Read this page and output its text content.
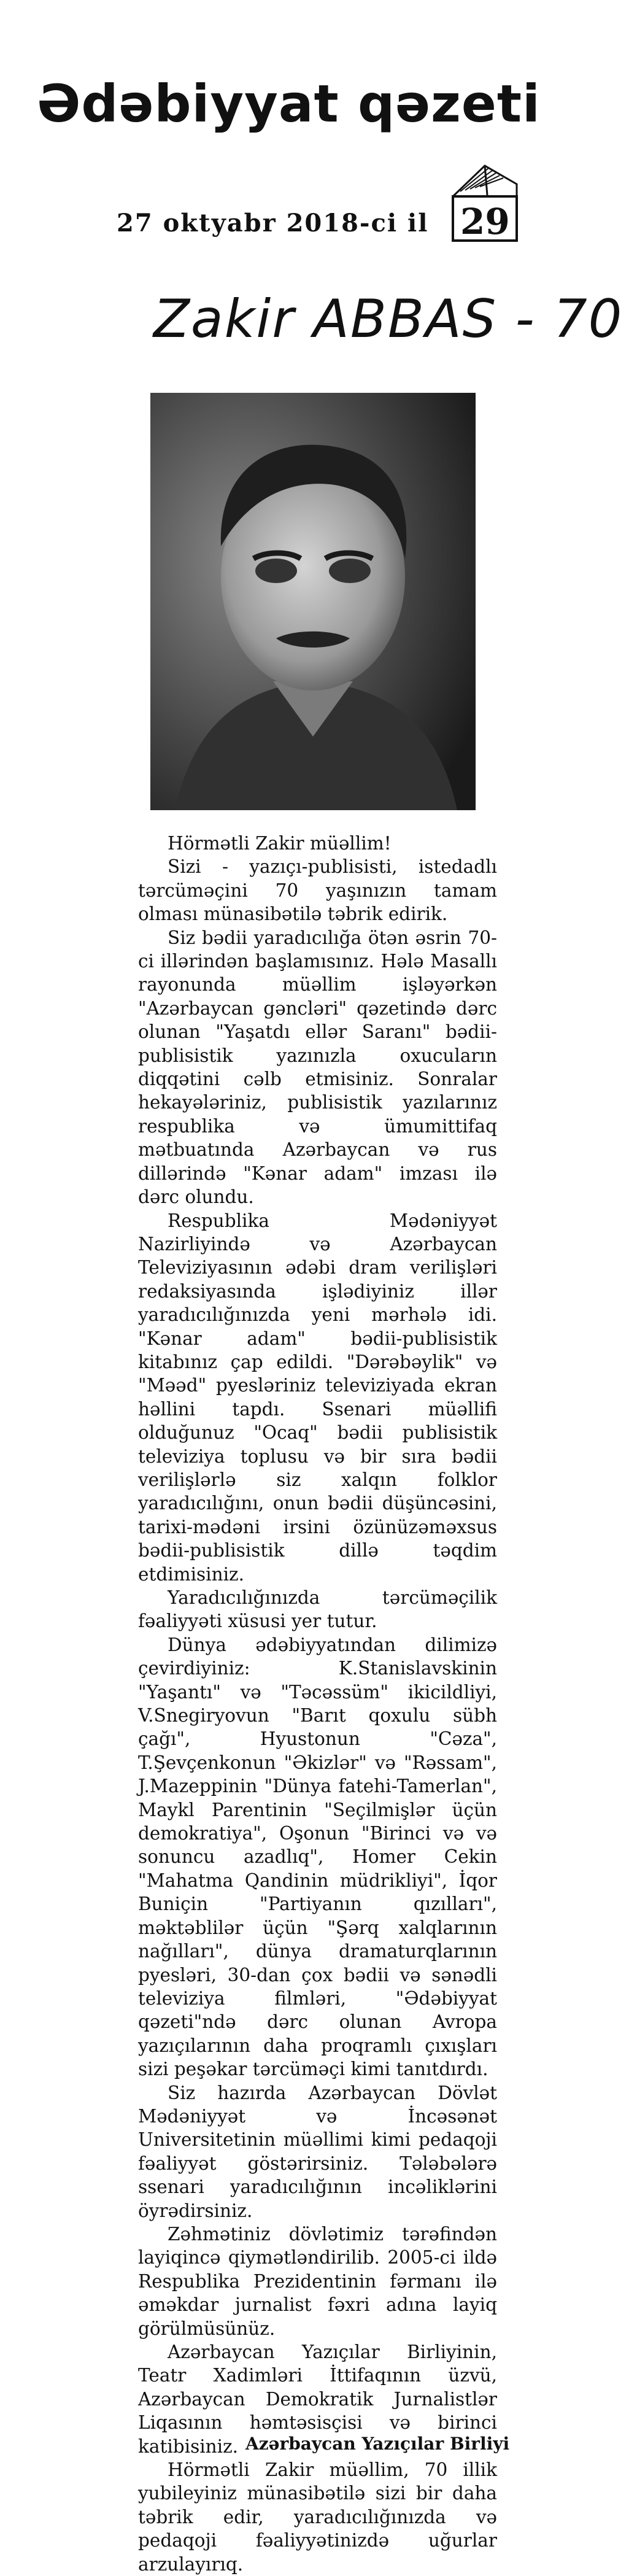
Ədəbiyyat qəzeti
27 oktyabr 2018-ci il 29
Zakir ABBAS - 70

Hörmətli Zakir müəllim!

Sizi - yazıçı-publisisti, istedadlı tərcüməçini 70 yaşınızın tamam olması münasibətilə təbrik edirik.

Siz bədii yaradıcılığa ötən əsrin 70-ci illərindən başlamısınız. Hələ Masallı rayonunda müəllim işləyərkən "Azərbaycan gəncləri" qəzetində dərc olunan "Yaşatdı ellər Saranı" bədii-publisistik yazınızla oxucuların diqqətini cəlb etmisiniz. Sonralar hekayələriniz, publisistik yazılarınız respublika və ümumittifaq mətbuatında Azərbaycan və rus dillərində "Kənar adam" imzası ilə dərc olundu.

Respublika Mədəniyyət Nazirliyində və Azərbaycan Televiziyasının ədəbi dram verilişləri redaksiyasında işlədiyiniz illər yaradıcılığınızda yeni mərhələ idi. "Kənar adam" bədii-publisistik kitabınız çap edildi. "Dərəbəylik" və "Məəd" pyesləriniz televiziyada ekran həllini tapdı. Ssenari müəllifi olduğunuz "Ocaq" bədii publisistik televiziya toplusu və bir sıra bədii verilişlərlə siz xalqın folklor yaradıcılığını, onun bədii düşüncəsini, tarixi-mədəni irsini özünüzəməxsus bədii-publisistik dillə təqdim etdimisiniz.

Yaradıcılığınızda tərcüməçilik fəaliyyəti xüsusi yer tutur.

Dünya ədəbiyyatından dilimizə çevirdiyiniz: K.Stanislavskinin "Yaşantı" və "Təcəssüm" ikicildliyi, V.Snegiryovun "Barıt qoxulu sübh çağı", Hyustonun "Cəza", T.Şevçenkonun "Əkizlər" və "Rəssam", J.Mazeppinin "Dünya fatehi-Tamerlan", Maykl Parentinin "Seçilmişlər üçün demokratiya", Oşonun "Birinci və və sonuncu azadlıq", Homer Cekin "Mahatma Qandinin müdrikliyi", İqor Buniçin "Partiyanın qızılları", məktəblilər üçün "Şərq xalqlarının nağılları", dünya dramaturqlarının pyesləri, 30-dan çox bədii və sənədli televiziya filmləri, "Ədəbiyyat qəzeti"ndə dərc olunan Avropa yazıçılarının daha proqramlı çıxışları sizi peşəkar tərcüməçi kimi tanıtdırdı.

Siz hazırda Azərbaycan Dövlət Mədəniyyət və İncəsənət Universitetinin müəllimi kimi pedaqoji fəaliyyət göstərirsiniz. Tələbələrə ssenari yaradıcılığının incəliklərini öyrədirsiniz.

Zəhmətiniz dövlətimiz tərəfindən layiqincə qiymətləndirilib. 2005-ci ildə Respublika Prezidentinin fərmanı ilə əməkdar jurnalist fəxri adına layiq görülmüsünüz.

Azərbaycan Yazıçılar Birliyinin, Teatr Xadimləri İttifaqının üzvü, Azərbaycan Demokratik Jurnalistlər Liqasının həmtəsisçisi və birinci katibisiniz.

Hörmətli Zakir müəllim, 70 illik yubileyiniz münasibətilə sizi bir daha təbrik edir, yaradıcılığınızda və pedaqoji fəaliyyətinizdə uğurlar arzulayırıq.

Azərbaycan Yazıçılar Birliyi
